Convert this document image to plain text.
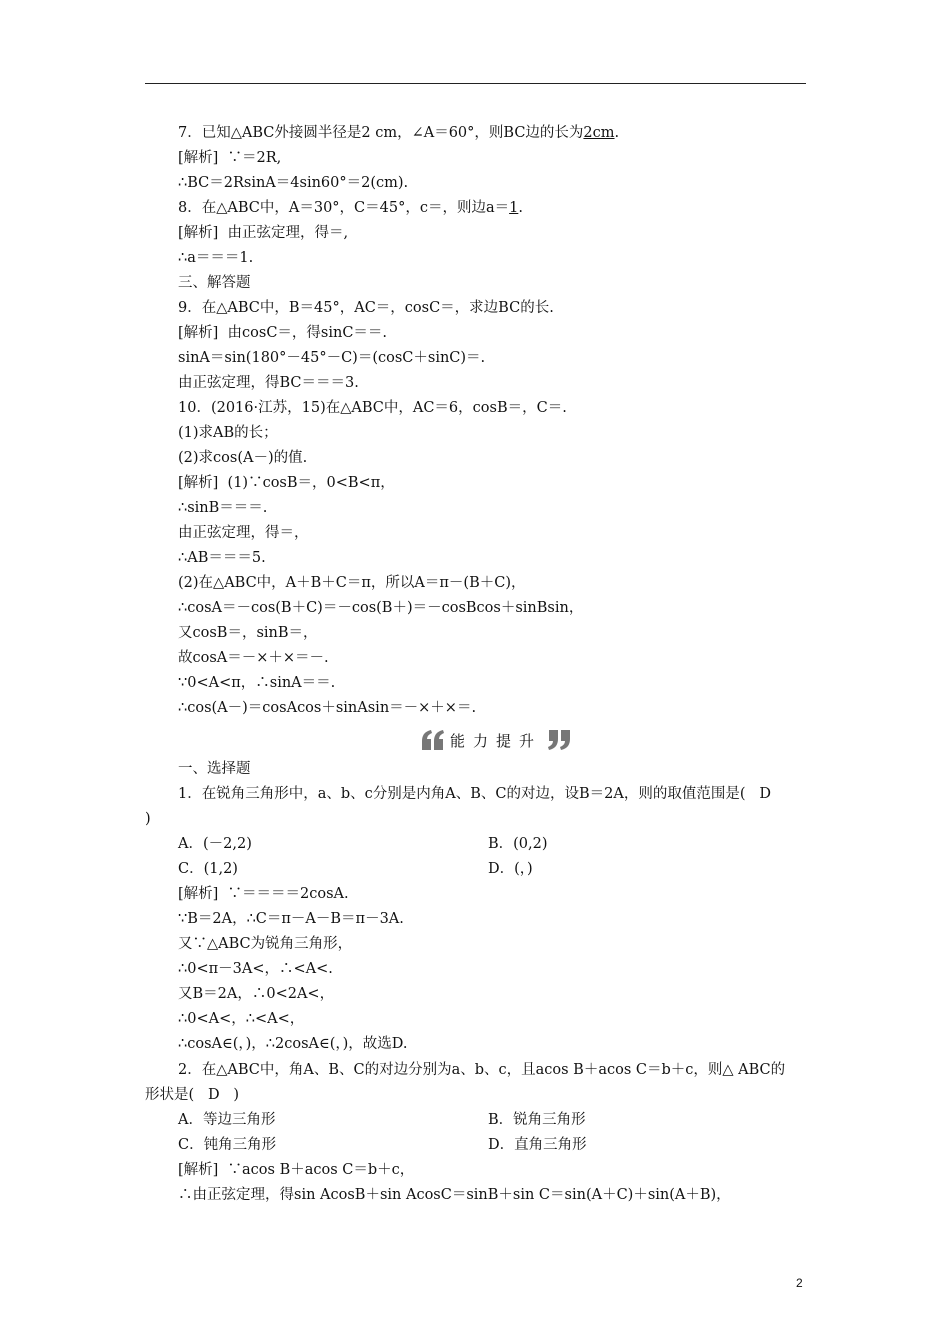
7．已知△ABC外接圆半径是2 cm，∠A＝60°，则BC边的长为2cm.
[解析]  ∵＝2R,
∴BC＝2RsinA＝4sin60°＝2(cm).
8．在△ABC中，A＝30°，C＝45°，c＝，则边a＝1.
[解析]  由正弦定理，得＝,
∴a＝＝＝1.
三、解答题
9．在△ABC中，B＝45°，AC＝，cosC＝，求边BC的长.
[解析]  由cosC＝，得sinC＝＝.
sinA＝sin(180°－45°－C)＝(cosC＋sinC)＝.
由正弦定理，得BC＝＝＝3.
10．(2016·江苏，15)在△ABC中，AC＝6，cosB＝，C＝.
(1)求AB的长；
(2)求cos(A－)的值.
[解析]  (1)∵cosB＝，0<B<π，
∴sinB＝＝＝.
由正弦定理，得＝，
∴AB＝＝＝5.
(2)在△ABC中，A＋B＋C＝π，所以A＝π－(B＋C)，
∴cosA＝－cos(B＋C)＝－cos(B＋)＝－cosBcos＋sinBsin，
又cosB＝，sinB＝，
故cosA＝－×＋×＝－.
∵0<A<π，∴sinA＝＝.
∴cos(A－)＝cosAcos＋sinAsin＝－×＋×＝.
能力提升
一、选择题
1．在锐角三角形中，a、b、c分别是内角A、B、C的对边，设B＝2A，则的取值范围是(   D
)
A．(－2,2)	B．(0,2)
C．(1,2)	D．(，)
[解析]  ∵＝＝＝＝2cosA.
∵B＝2A，∴C＝π－A－B＝π－3A.
又∵△ABC为锐角三角形，
∴0<π－3A<，∴<A<.
又B＝2A，∴0<2A<，
∴0<A<，∴<A<，
∴cosA∈(，)，∴2cosA∈(，)，故选D.
2．在△ABC中，角A、B、C的对边分别为a、b、c，且acos B＋acos C＝b＋c，则△ ABC的
形状是(   D   )
A．等边三角形	B．锐角三角形
C．钝角三角形	D．直角三角形
[解析]  ∵acos B＋acos C＝b＋c，
∴由正弦定理，得sin AcosB＋sin AcosC＝sinB＋sin C＝sin(A＋C)＋sin(A＋B)，
2
